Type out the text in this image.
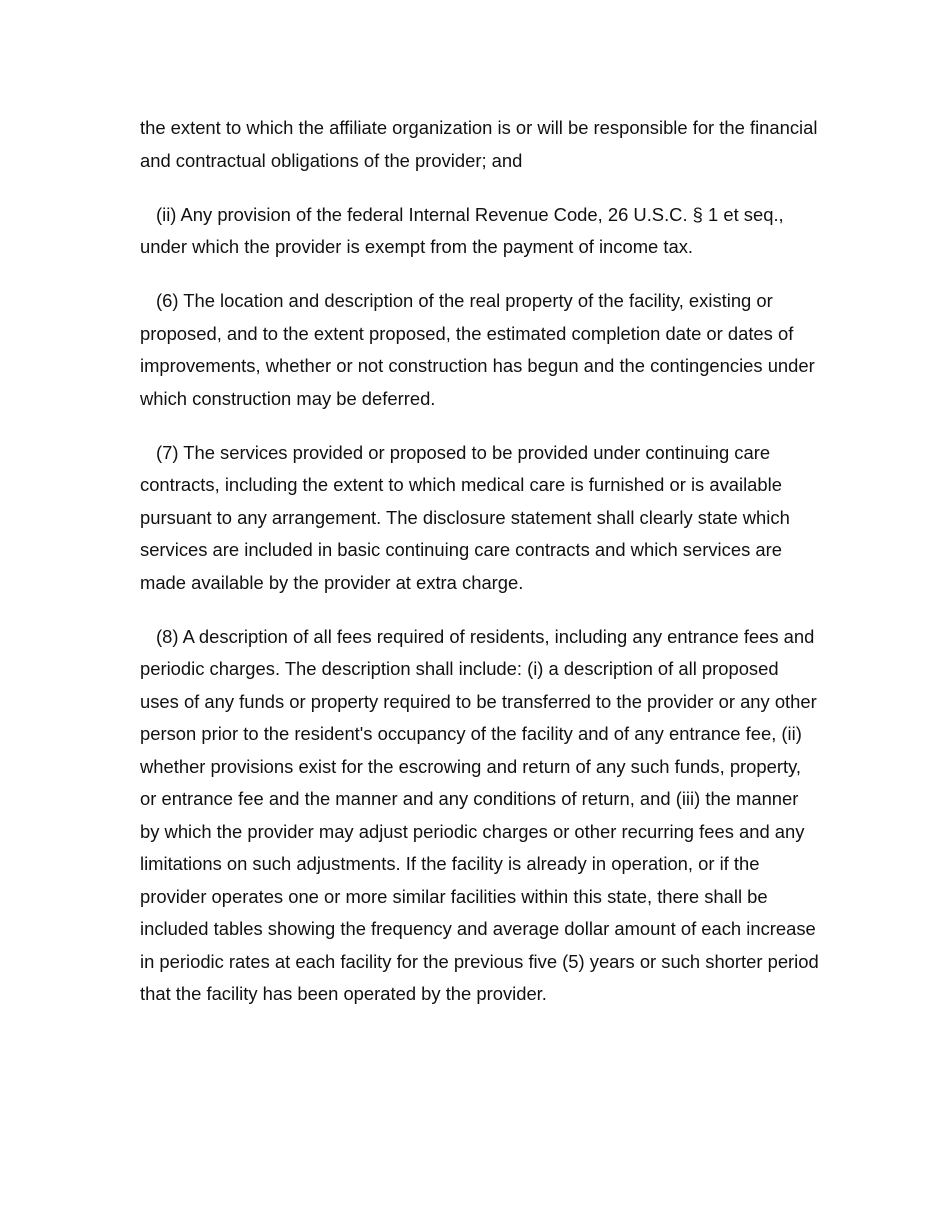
the extent to which the affiliate organization is or will be responsible for the financial and contractual obligations of the provider; and

(ii) Any provision of the federal Internal Revenue Code, 26 U.S.C. § 1 et seq., under which the provider is exempt from the payment of income tax.

(6) The location and description of the real property of the facility, existing or proposed, and to the extent proposed, the estimated completion date or dates of improvements, whether or not construction has begun and the contingencies under which construction may be deferred.

(7) The services provided or proposed to be provided under continuing care contracts, including the extent to which medical care is furnished or is available pursuant to any arrangement. The disclosure statement shall clearly state which services are included in basic continuing care contracts and which services are made available by the provider at extra charge.

(8) A description of all fees required of residents, including any entrance fees and periodic charges. The description shall include: (i) a description of all proposed uses of any funds or property required to be transferred to the provider or any other person prior to the resident's occupancy of the facility and of any entrance fee, (ii) whether provisions exist for the escrowing and return of any such funds, property, or entrance fee and the manner and any conditions of return, and (iii) the manner by which the provider may adjust periodic charges or other recurring fees and any limitations on such adjustments. If the facility is already in operation, or if the provider operates one or more similar facilities within this state, there shall be included tables showing the frequency and average dollar amount of each increase in periodic rates at each facility for the previous five (5) years or such shorter period that the facility has been operated by the provider.
